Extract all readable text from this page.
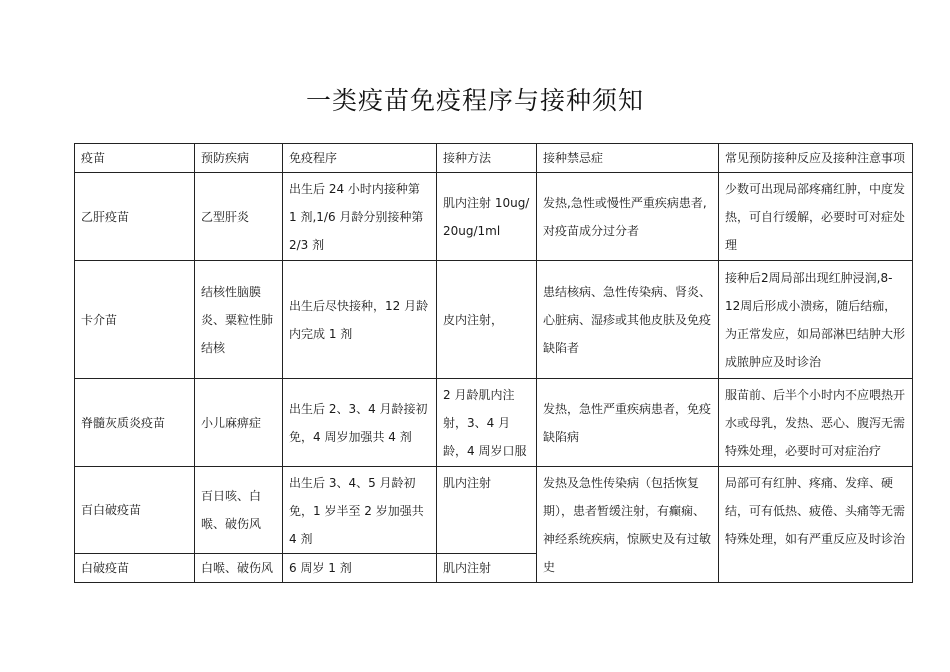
一类疫苗免疫程序与接种须知
疫苗	预防疾病	免疫程序	接种方法	接种禁忌症	常见预防接种反应及接种注意事项
乙肝疫苗	乙型肝炎	出生后 24 小时内接种第 1 剂,1/6 月龄分别接种第 2/3 剂	肌内注射 10ug/ 20ug/1ml	发热,急性或慢性严重疾病患者,对疫苗成分过分者	少数可出现局部疼痛红肿，中度发热，可自行缓解，必要时可对症处理
卡介苗	结核性脑膜炎、粟粒性肺结核	出生后尽快接种，12 月龄内完成 1 剂	皮内注射，	患结核病、急性传染病、肾炎、心脏病、湿疹或其他皮肤及免疫缺陷者	接种后2周局部出现红肿浸润,8-12周后形成小溃疡，随后结痂，为正常发应，如局部淋巴结肿大形成脓肿应及时诊治
脊髓灰质炎疫苗	小儿麻痹症	出生后 2、3、4 月龄接初免，4 周岁加强共 4 剂	2 月龄肌内注射，3、4 月龄，4 周岁口服	发热，急性严重疾病患者，免疫缺陷病	服苗前、后半个小时内不应喂热开水或母乳，发热、恶心、腹泻无需特殊处理，必要时可对症治疗
百白破疫苗	百日咳、白喉、破伤风	出生后 3、4、5 月龄初免，1 岁半至 2 岁加强共 4 剂	肌内注射	发热及急性传染病（包括恢复期），患者暂缓注射，有癫痫、神经系统疾病，惊厥史及有过敏史	局部可有红肿、疼痛、发痒、硬结，可有低热、疲倦、头痛等无需特殊处理，如有严重反应及时诊治
白破疫苗	白喉、破伤风	6 周岁 1 剂	肌内注射		
